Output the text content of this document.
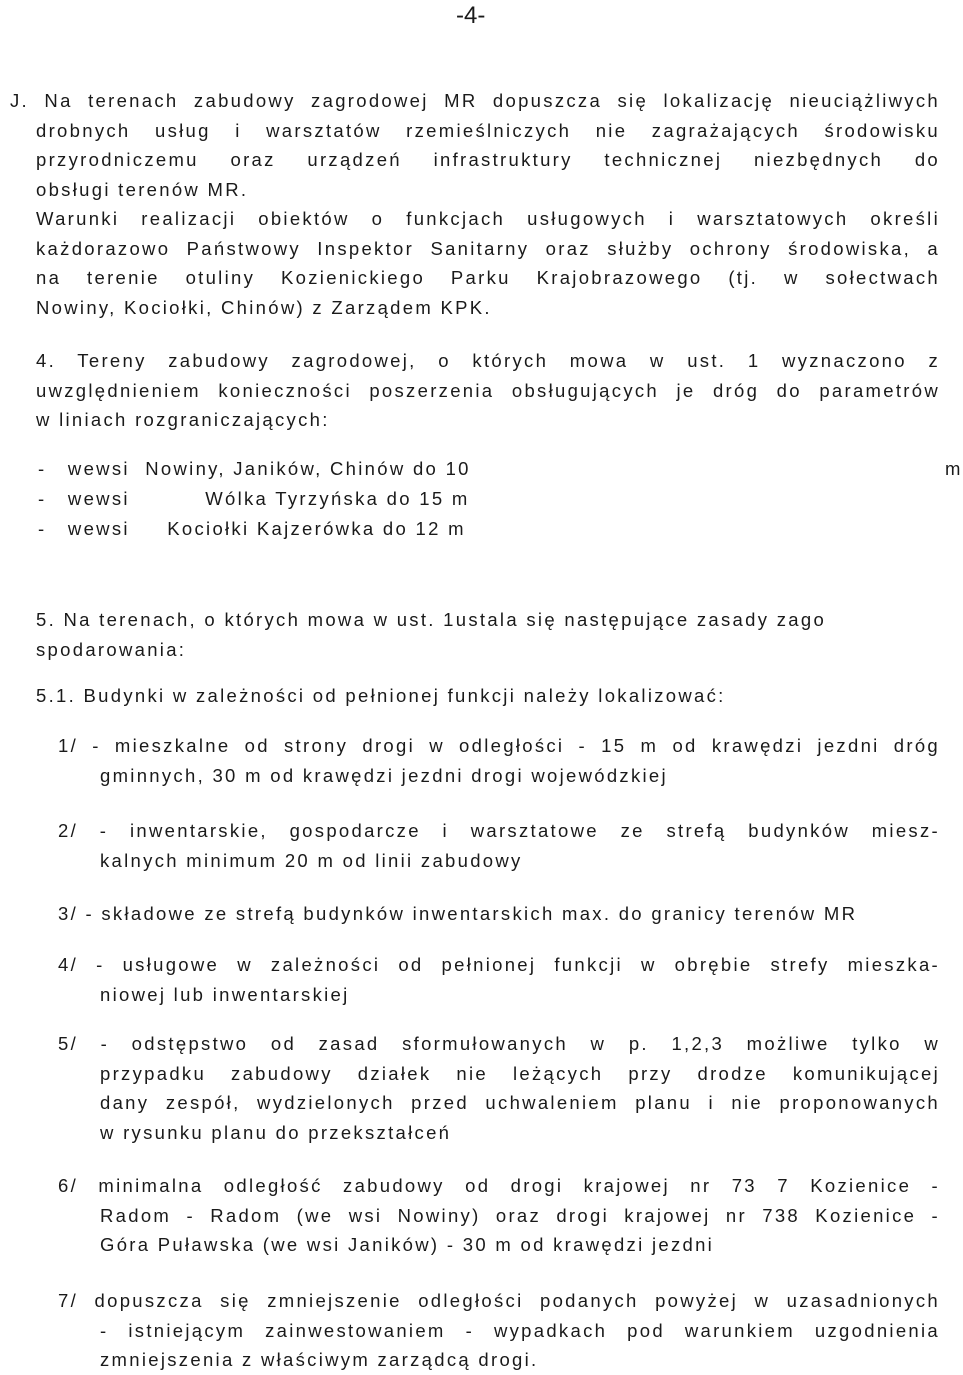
-4-
J. Na terenach zabudowy zagrodowej MR dopuszcza się lokalizację nieuciążliwych
drobnych usług i warsztatów rzemieślniczych nie zagrażających środowisku
przyrodniczemu oraz urządzeń infrastruktury technicznej niezbędnych do
obsługi terenów MR.
Warunki realizacji obiektów o funkcjach usługowych i warsztatowych określi
każdorazowo Państwowy Inspektor Sanitarny oraz służby ochrony środowiska, a
na terenie otuliny Kozienickiego Parku Krajobrazowego (tj. w sołectwach
Nowiny, Kociołki, Chinów) z Zarządem KPK.
4. Tereny zabudowy zagrodowej, o których mowa w ust. 1 wyznaczono z
uwzględnieniem konieczności poszerzenia obsługujących je dróg do parametrów
w liniach rozgraniczających:
- wewsi Nowiny, Janików, Chinów do 10	m
- wewsi	Wólka Tyrzyńska do 15 m
- wewsi Kociołki Kajzerówka do 12 m
5. Na terenach, o których mowa w ust. 1ustala się następujące zasady zago
spodarowania:
5.1. Budynki w zależności od pełnionej funkcji należy lokalizować:
1/ - mieszkalne od strony drogi w odległości - 15 m od krawędzi jezdni dróg
gminnych, 30 m od krawędzi jezdni drogi wojewódzkiej
2/ - inwentarskie, gospodarcze i warsztatowe ze strefą budynków miesz-
kalnych minimum 20 m od linii zabudowy
3/ - składowe ze strefą budynków inwentarskich max. do granicy terenów MR
4/ - usługowe w zależności od pełnionej funkcji w obrębie strefy mieszka-
niowej lub inwentarskiej
5/ - odstępstwo od zasad sformułowanych w p. 1,2,3 możliwe tylko w
przypadku zabudowy działek nie leżących przy drodze komunikującej
dany zespół, wydzielonych przed uchwaleniem planu i nie proponowanych
w rysunku planu do przekształceń
6/ minimalna odległość zabudowy od drogi krajowej nr 73 7 Kozienice -
Radom - Radom (we wsi Nowiny) oraz drogi krajowej nr 738 Kozienice -
Góra Puławska (we wsi Janików) - 30 m od krawędzi jezdni
7/ dopuszcza się zmniejszenie odległości podanych powyżej w uzasadnionych
- istniejącym zainwestowaniem - wypadkach pod warunkiem uzgodnienia
zmniejszenia z właściwym zarządcą drogi.
